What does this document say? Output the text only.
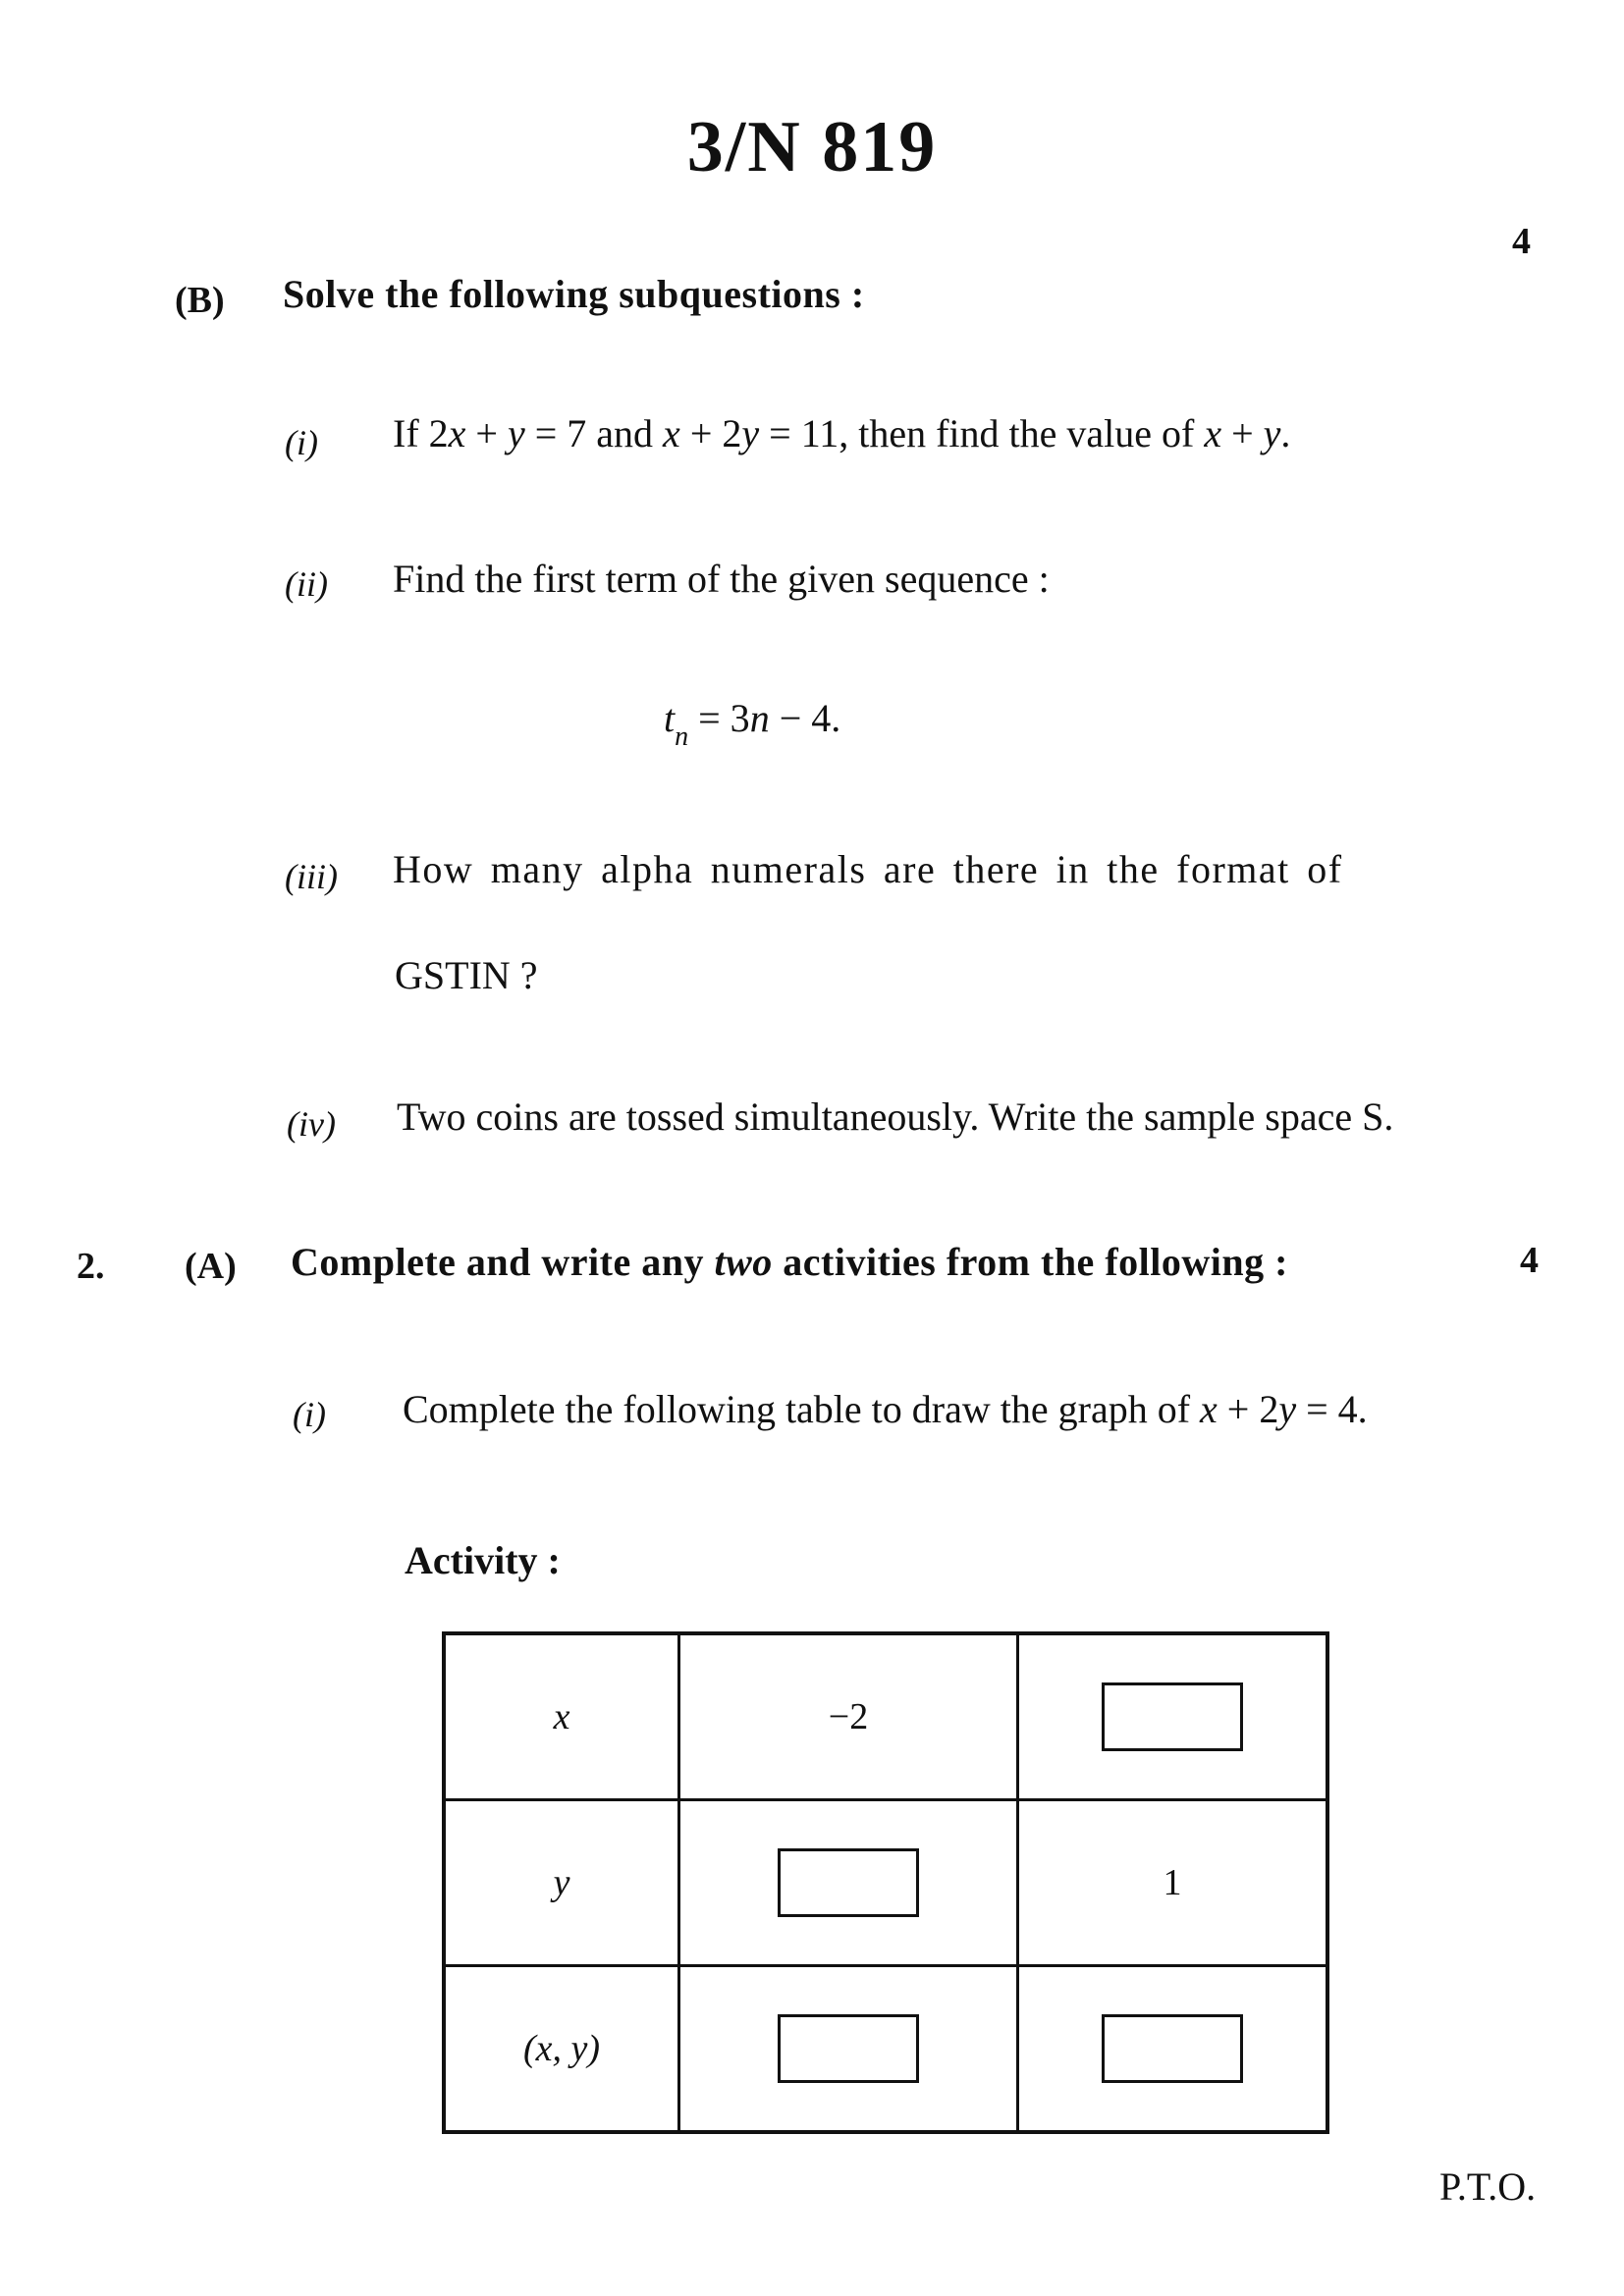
3/N 819
4
(B) Solve the following subquestions :
(i) If 2x + y = 7 and x + 2y = 11, then find the value of x + y.
(ii) Find the first term of the given sequence :
$t_n = 3n - 4$.
(iii) How many alpha numerals are there in the format of
GSTIN ?
(iv) Two coins are tossed simultaneously. Write the sample space S.
2. (A) Complete and write any two activities from the following :	4
(i) Complete the following table to draw the graph of x + 2y = 4.
Activity :
x	−2	
y		1
(x, y)		
P.T.O.
